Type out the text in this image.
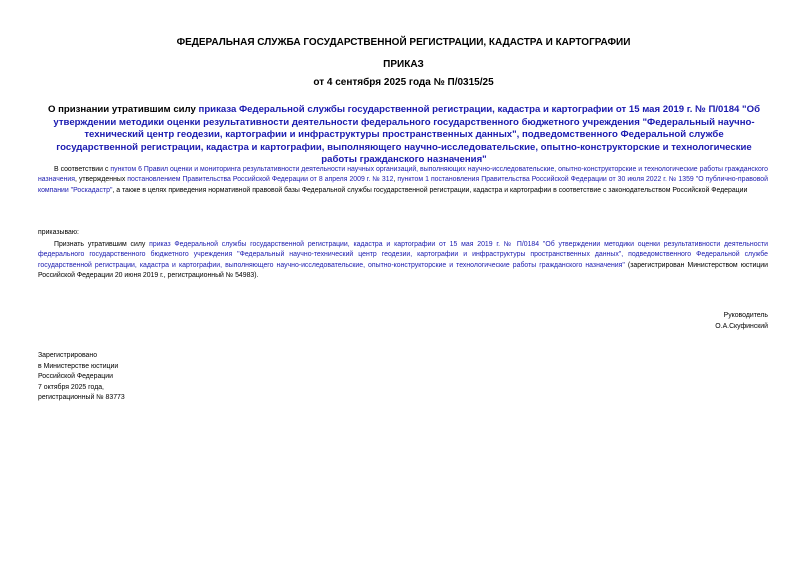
ФЕДЕРАЛЬНАЯ СЛУЖБА ГОСУДАРСТВЕННОЙ РЕГИСТРАЦИИ, КАДАСТРА И КАРТОГРАФИИ
ПРИКАЗ
от 4 сентября 2025 года № П/0315/25
О признании утратившим силу приказа Федеральной службы государственной регистрации, кадастра и картографии от 15 мая 2019 г. № П/0184 "Об утверждении методики оценки результативности деятельности федерального государственного бюджетного учреждения "Федеральный научно-технический центр геодезии, картографии и инфраструктуры пространственных данных", подведомственного Федеральной службе государственной регистрации, кадастра и картографии, выполняющего научно-исследовательские, опытно-конструкторские и технологические работы гражданского назначения"
В соответствии с пунктом 6 Правил оценки и мониторинга результативности деятельности научных организаций, выполняющих научно-исследовательские, опытно-конструкторские и технологические работы гражданского назначения, утвержденных постановлением Правительства Российской Федерации от 8 апреля 2009 г. № 312, пунктом 1 постановления Правительства Российской Федерации от 30 июля 2022 г. № 1359 "О публично-правовой компании "Роскадастр", а также в целях приведения нормативной правовой базы Федеральной службы государственной регистрации, кадастра и картографии в соответствие с законодательством Российской Федерации
приказываю:
Признать утратившим силу приказ Федеральной службы государственной регистрации, кадастра и картографии от 15 мая 2019 г. № П/0184 "Об утверждении методики оценки результативности деятельности федерального государственного бюджетного учреждения "Федеральный научно-технический центр геодезии, картографии и инфраструктуры пространственных данных", подведомственного Федеральной службе государственной регистрации, кадастра и картографии, выполняющего научно-исследовательские, опытно-конструкторские и технологические работы гражданского назначения" (зарегистрирован Министерством юстиции Российской Федерации 20 июня 2019 г., регистрационный № 54983).
Руководитель
О.А.Скуфинский
Зарегистрировано
в Министерстве юстиции
Российской Федерации
7 октября 2025 года,
регистрационный № 83773
